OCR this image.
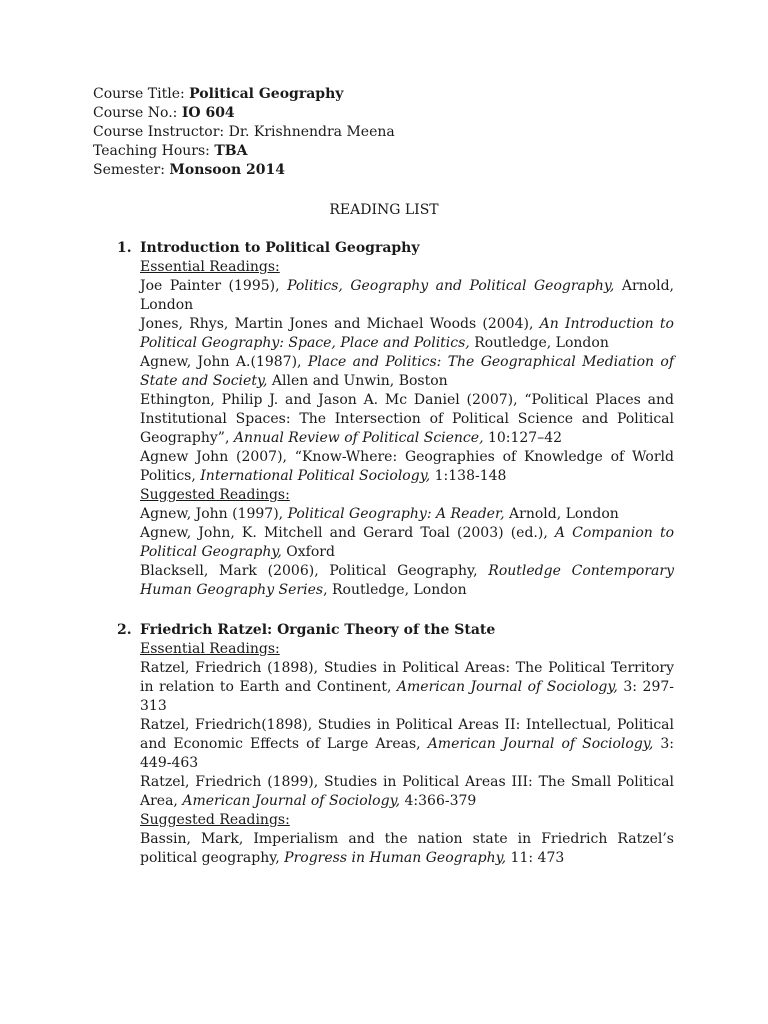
Course Title: Political Geography
Course No.: IO 604
Course Instructor: Dr. Krishnendra Meena
Teaching Hours: TBA
Semester: Monsoon 2014
READING LIST
1. Introduction to Political Geography
Essential Readings:
Joe Painter (1995), Politics, Geography and Political Geography, Arnold, London
Jones, Rhys, Martin Jones and Michael Woods (2004), An Introduction to Political Geography: Space, Place and Politics, Routledge, London
Agnew, John A.(1987), Place and Politics: The Geographical Mediation of State and Society, Allen and Unwin, Boston
Ethington, Philip J. and Jason A. Mc Daniel (2007), “Political Places and Institutional Spaces: The Intersection of Political Science and Political Geography”, Annual Review of Political Science, 10:127–42
Agnew John (2007), “Know-Where: Geographies of Knowledge of World Politics, International Political Sociology, 1:138-148
Suggested Readings:
Agnew, John (1997), Political Geography: A Reader, Arnold, London
Agnew, John, K. Mitchell and Gerard Toal (2003) (ed.), A Companion to Political Geography, Oxford
Blacksell, Mark (2006), Political Geography, Routledge Contemporary Human Geography Series, Routledge, London
2. Friedrich Ratzel: Organic Theory of the State
Essential Readings:
Ratzel, Friedrich (1898), Studies in Political Areas: The Political Territory in relation to Earth and Continent, American Journal of Sociology, 3: 297-313
Ratzel, Friedrich(1898), Studies in Political Areas II: Intellectual, Political and Economic Effects of Large Areas, American Journal of Sociology, 3: 449-463
Ratzel, Friedrich (1899), Studies in Political Areas III: The Small Political Area, American Journal of Sociology, 4:366-379
Suggested Readings:
Bassin, Mark, Imperialism and the nation state in Friedrich Ratzel’s political geography, Progress in Human Geography, 11: 473
